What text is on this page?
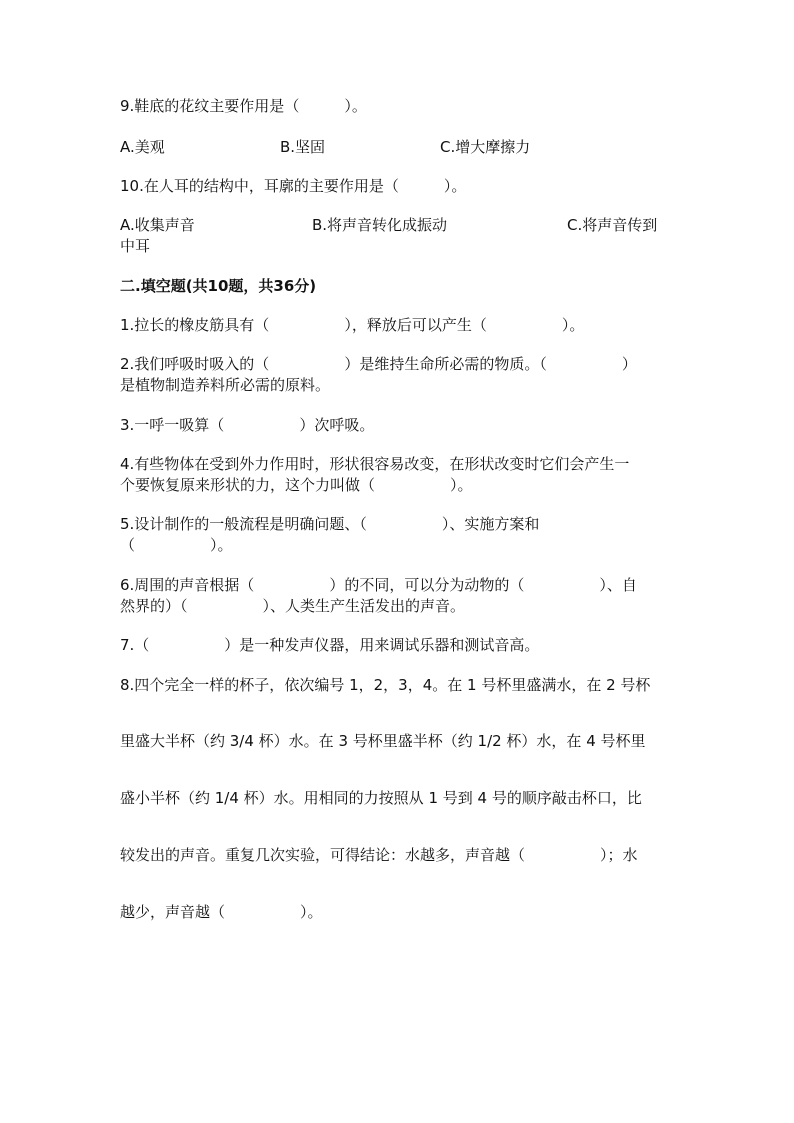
9.鞋底的花纹主要作用是（　　　）。
A.美观	B.坚固	C.增大摩擦力
10.在人耳的结构中，耳廓的主要作用是（　　　）。
A.收集声音	B.将声音转化成振动	C.将声音传到
中耳
二.填空题(共10题，共36分)
1.拉长的橡皮筋具有（　　　　　），释放后可以产生（　　　　　）。
2.我们呼吸时吸入的（　　　　　）是维持生命所必需的物质。（　　　　　）
是植物制造养料所必需的原料。
3.一呼一吸算（　　　　　）次呼吸。
4.有些物体在受到外力作用时，形状很容易改变，在形状改变时它们会产生一
个要恢复原来形状的力，这个力叫做（　　　　　）。
5.设计制作的一般流程是明确问题、（　　　　　）、实施方案和
（　　　　　）。
6.周围的声音根据（　　　　　）的不同，可以分为动物的（　　　　　）、自
然界的）（　　　　　）、人类生产生活发出的声音。
7.（　　　　　）是一种发声仪器，用来调试乐器和测试音高。
8.四个完全一样的杯子，依次编号 1，2，3，4。在 1 号杯里盛满水，在 2 号杯
里盛大半杯（约 3/4 杯）水。在 3 号杯里盛半杯（约 1/2 杯）水，在 4 号杯里
盛小半杯（约 1/4 杯）水。用相同的力按照从 1 号到 4 号的顺序敲击杯口，比
较发出的声音。重复几次实验，可得结论：水越多，声音越（　　　　　）；水
越少，声音越（　　　　　）。
